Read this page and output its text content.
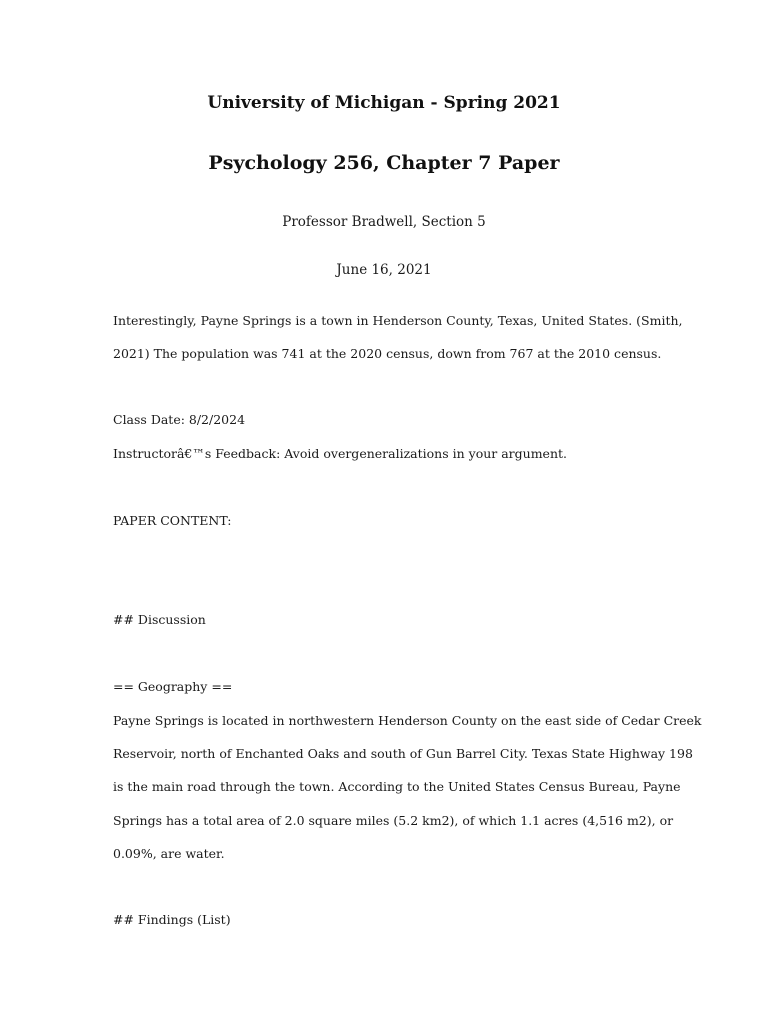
University of Michigan - Spring 2021
Psychology 256, Chapter 7 Paper
Professor Bradwell, Section 5
June 16, 2021
Interestingly, Payne Springs is a town in Henderson County, Texas, United States. (Smith,
2021) The population was 741 at the 2020 census, down from 767 at the 2010 census.
Class Date: 8/2/2024
Instructorâ€™s Feedback: Avoid overgeneralizations in your argument.
PAPER CONTENT:
## Discussion
== Geography ==
Payne Springs is located in northwestern Henderson County on the east side of Cedar Creek
Reservoir, north of Enchanted Oaks and south of Gun Barrel City. Texas State Highway 198
is the main road through the town. According to the United States Census Bureau, Payne
Springs has a total area of 2.0 square miles (5.2 km2), of which 1.1 acres (4,516 m2), or
0.09%, are water.
## Findings (List)
